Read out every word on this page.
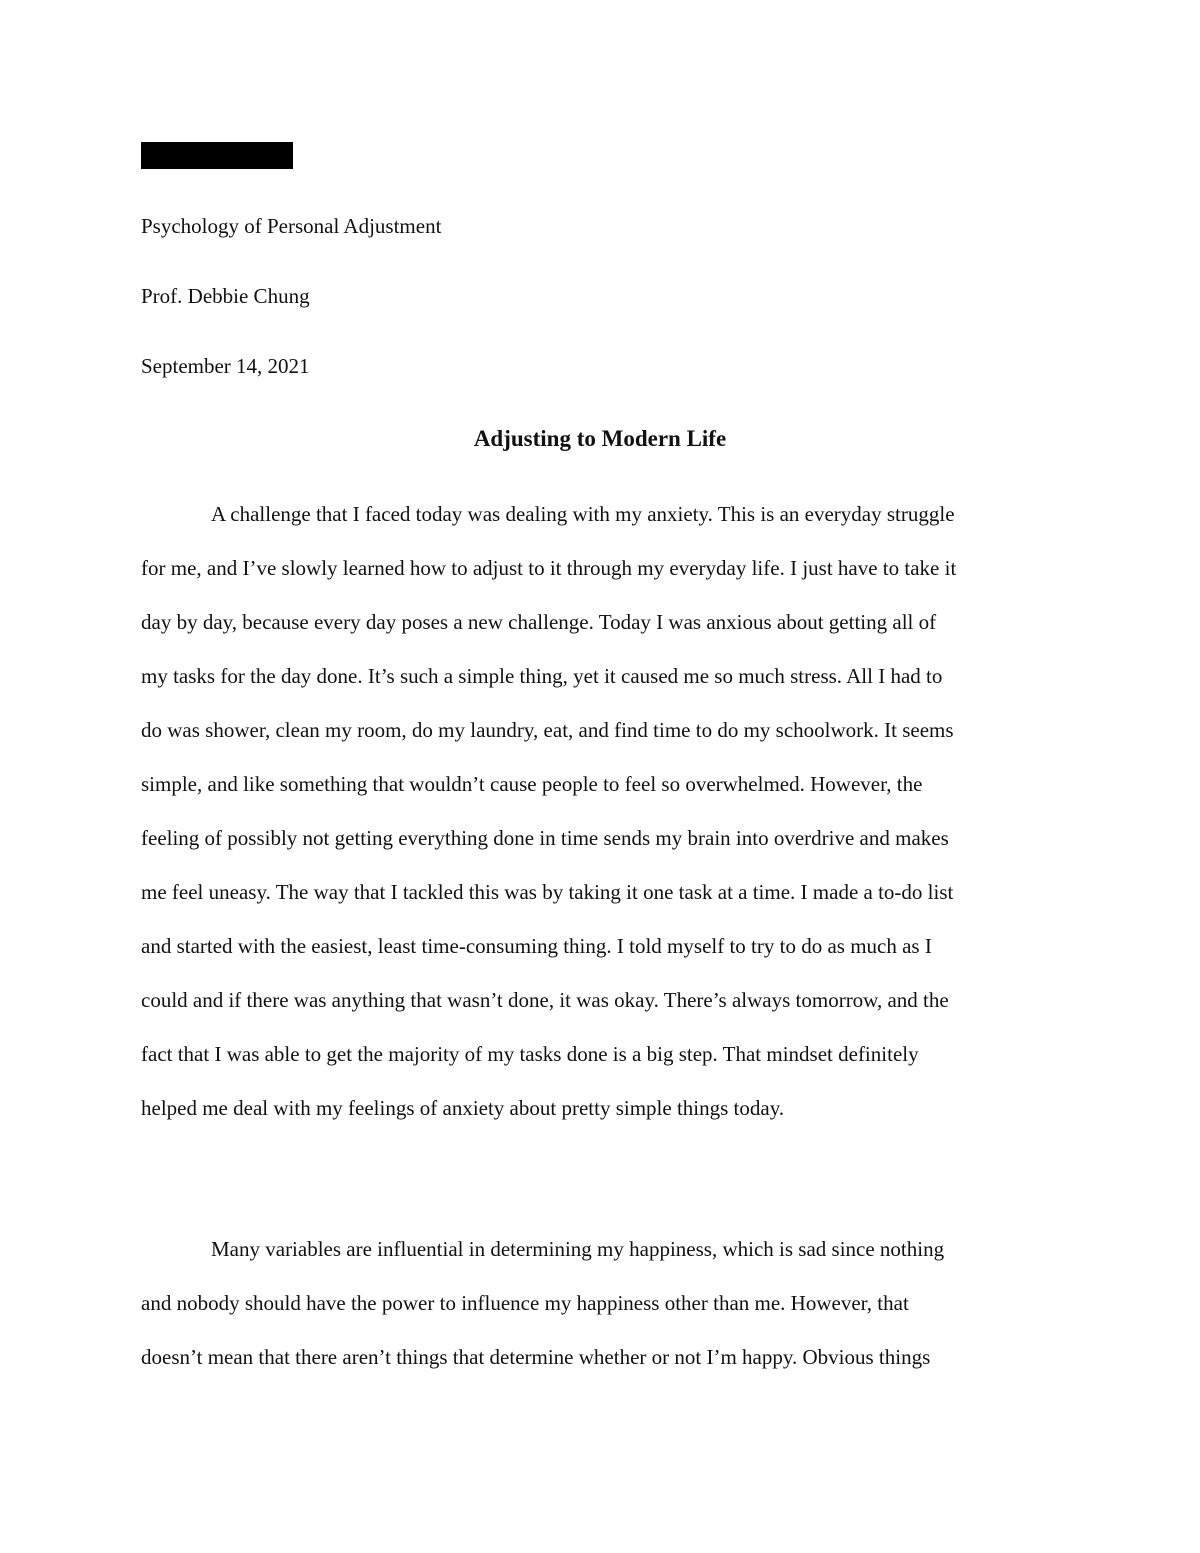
Psychology of Personal Adjustment
Prof. Debbie Chung
September 14, 2021
Adjusting to Modern Life
A challenge that I faced today was dealing with my anxiety. This is an everyday struggle
for me, and I’ve slowly learned how to adjust to it through my everyday life. I just have to take it
day by day, because every day poses a new challenge. Today I was anxious about getting all of
my tasks for the day done. It’s such a simple thing, yet it caused me so much stress. All I had to
do was shower, clean my room, do my laundry, eat, and find time to do my schoolwork. It seems
simple, and like something that wouldn’t cause people to feel so overwhelmed. However, the
feeling of possibly not getting everything done in time sends my brain into overdrive and makes
me feel uneasy. The way that I tackled this was by taking it one task at a time. I made a to-do list
and started with the easiest, least time-consuming thing. I told myself to try to do as much as I
could and if there was anything that wasn’t done, it was okay. There’s always tomorrow, and the
fact that I was able to get the majority of my tasks done is a big step. That mindset definitely
helped me deal with my feelings of anxiety about pretty simple things today.
Many variables are influential in determining my happiness, which is sad since nothing
and nobody should have the power to influence my happiness other than me. However, that
doesn’t mean that there aren’t things that determine whether or not I’m happy. Obvious things
